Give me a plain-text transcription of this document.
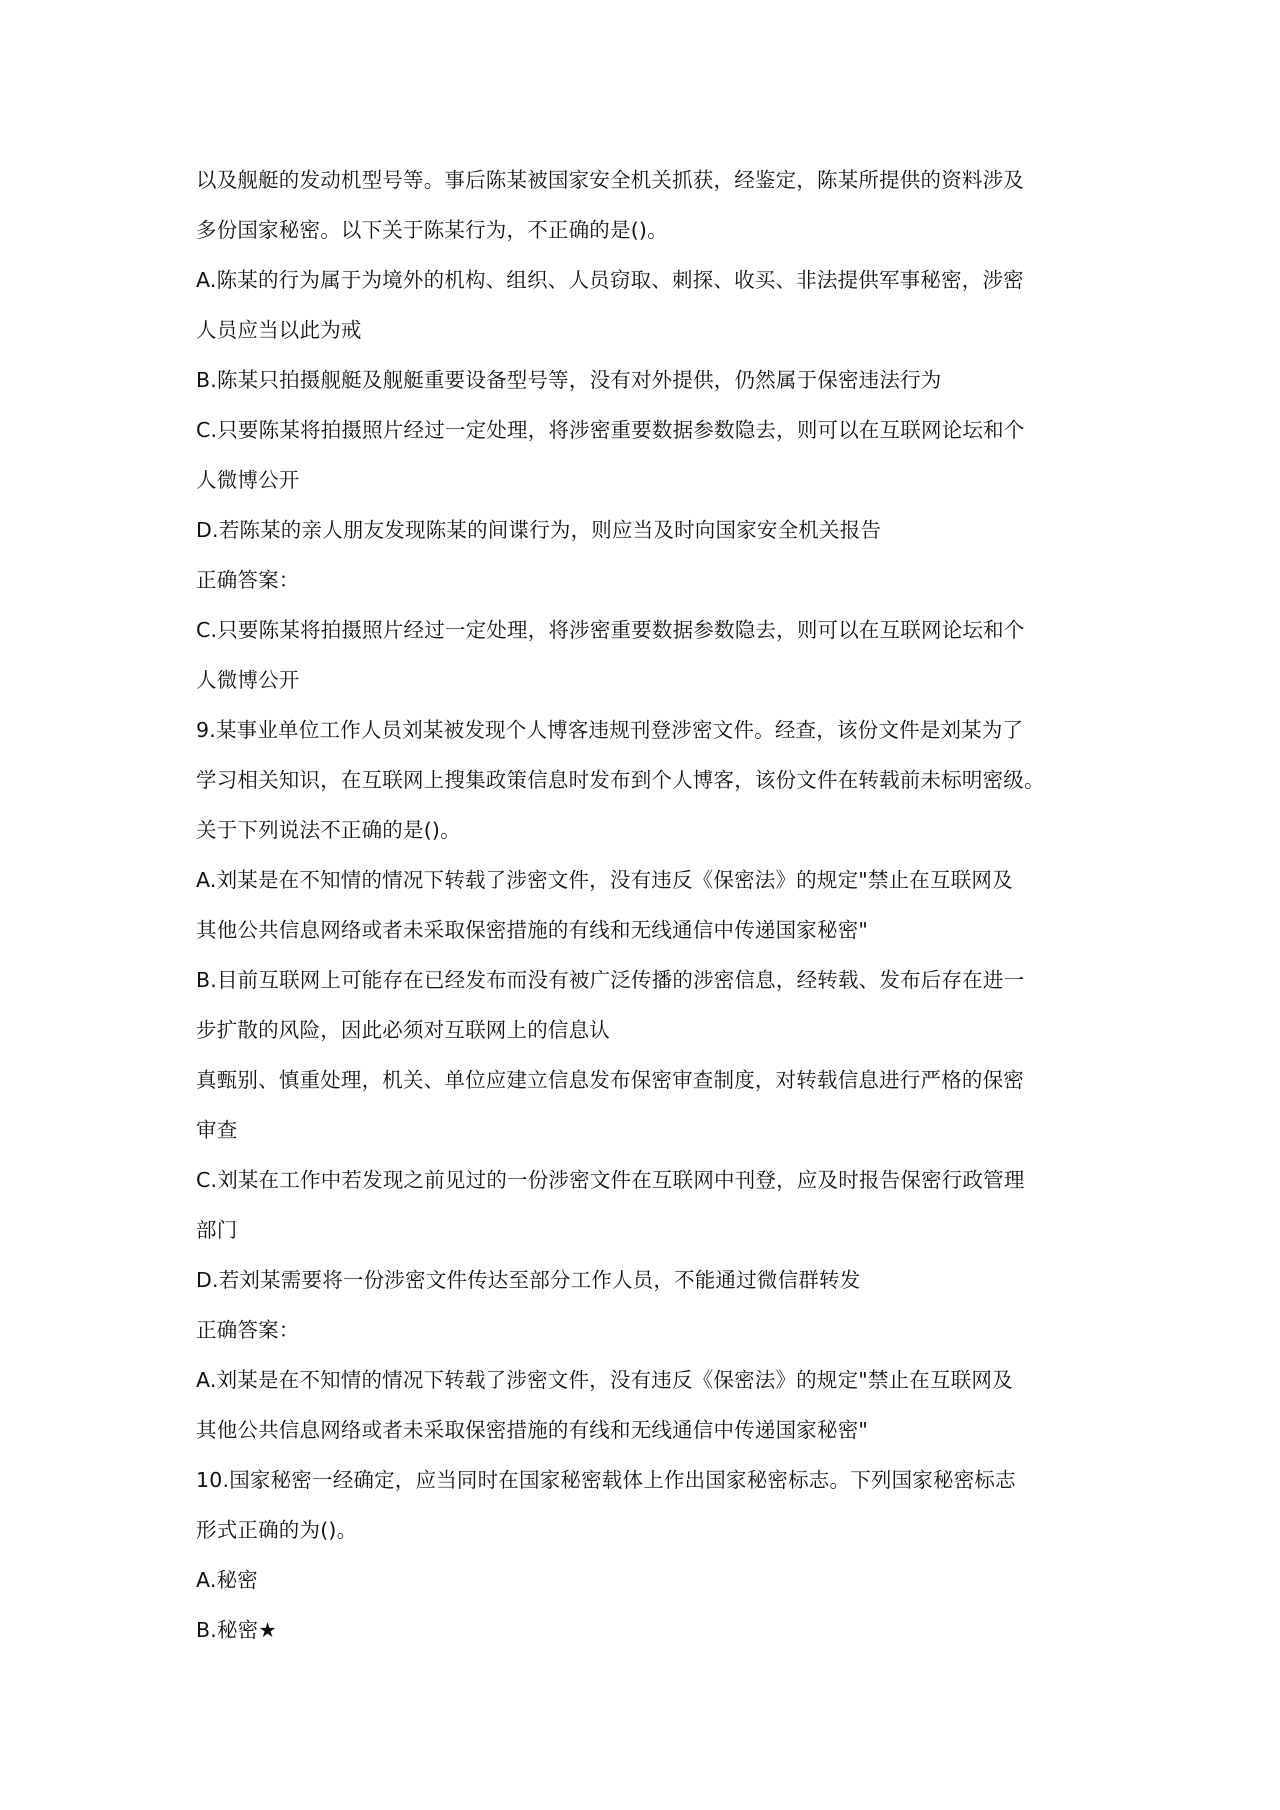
以及舰艇的发动机型号等。事后陈某被国家安全机关抓获，经鉴定，陈某所提供的资料涉及
多份国家秘密。以下关于陈某行为，不正确的是()。
A.陈某的行为属于为境外的机构、组织、人员窃取、刺探、收买、非法提供军事秘密，涉密
人员应当以此为戒
B.陈某只拍摄舰艇及舰艇重要设备型号等，没有对外提供，仍然属于保密违法行为
C.只要陈某将拍摄照片经过一定处理，将涉密重要数据参数隐去，则可以在互联网论坛和个
人微博公开
D.若陈某的亲人朋友发现陈某的间谍行为，则应当及时向国家安全机关报告
正确答案：
C.只要陈某将拍摄照片经过一定处理，将涉密重要数据参数隐去，则可以在互联网论坛和个
人微博公开
9.某事业单位工作人员刘某被发现个人博客违规刊登涉密文件。经查，该份文件是刘某为了
学习相关知识，在互联网上搜集政策信息时发布到个人博客，该份文件在转载前未标明密级。
关于下列说法不正确的是()。
A.刘某是在不知情的情况下转载了涉密文件，没有违反《保密法》的规定"禁止在互联网及
其他公共信息网络或者未采取保密措施的有线和无线通信中传递国家秘密"
B.目前互联网上可能存在已经发布而没有被广泛传播的涉密信息，经转载、发布后存在进一
步扩散的风险，因此必须对互联网上的信息认
真甄别、慎重处理，机关、单位应建立信息发布保密审查制度，对转载信息进行严格的保密
审查
C.刘某在工作中若发现之前见过的一份涉密文件在互联网中刊登，应及时报告保密行政管理
部门
D.若刘某需要将一份涉密文件传达至部分工作人员，不能通过微信群转发
正确答案：
A.刘某是在不知情的情况下转载了涉密文件，没有违反《保密法》的规定"禁止在互联网及
其他公共信息网络或者未采取保密措施的有线和无线通信中传递国家秘密"
10.国家秘密一经确定，应当同时在国家秘密载体上作出国家秘密标志。下列国家秘密标志
形式正确的为()。
A.秘密
B.秘密★
